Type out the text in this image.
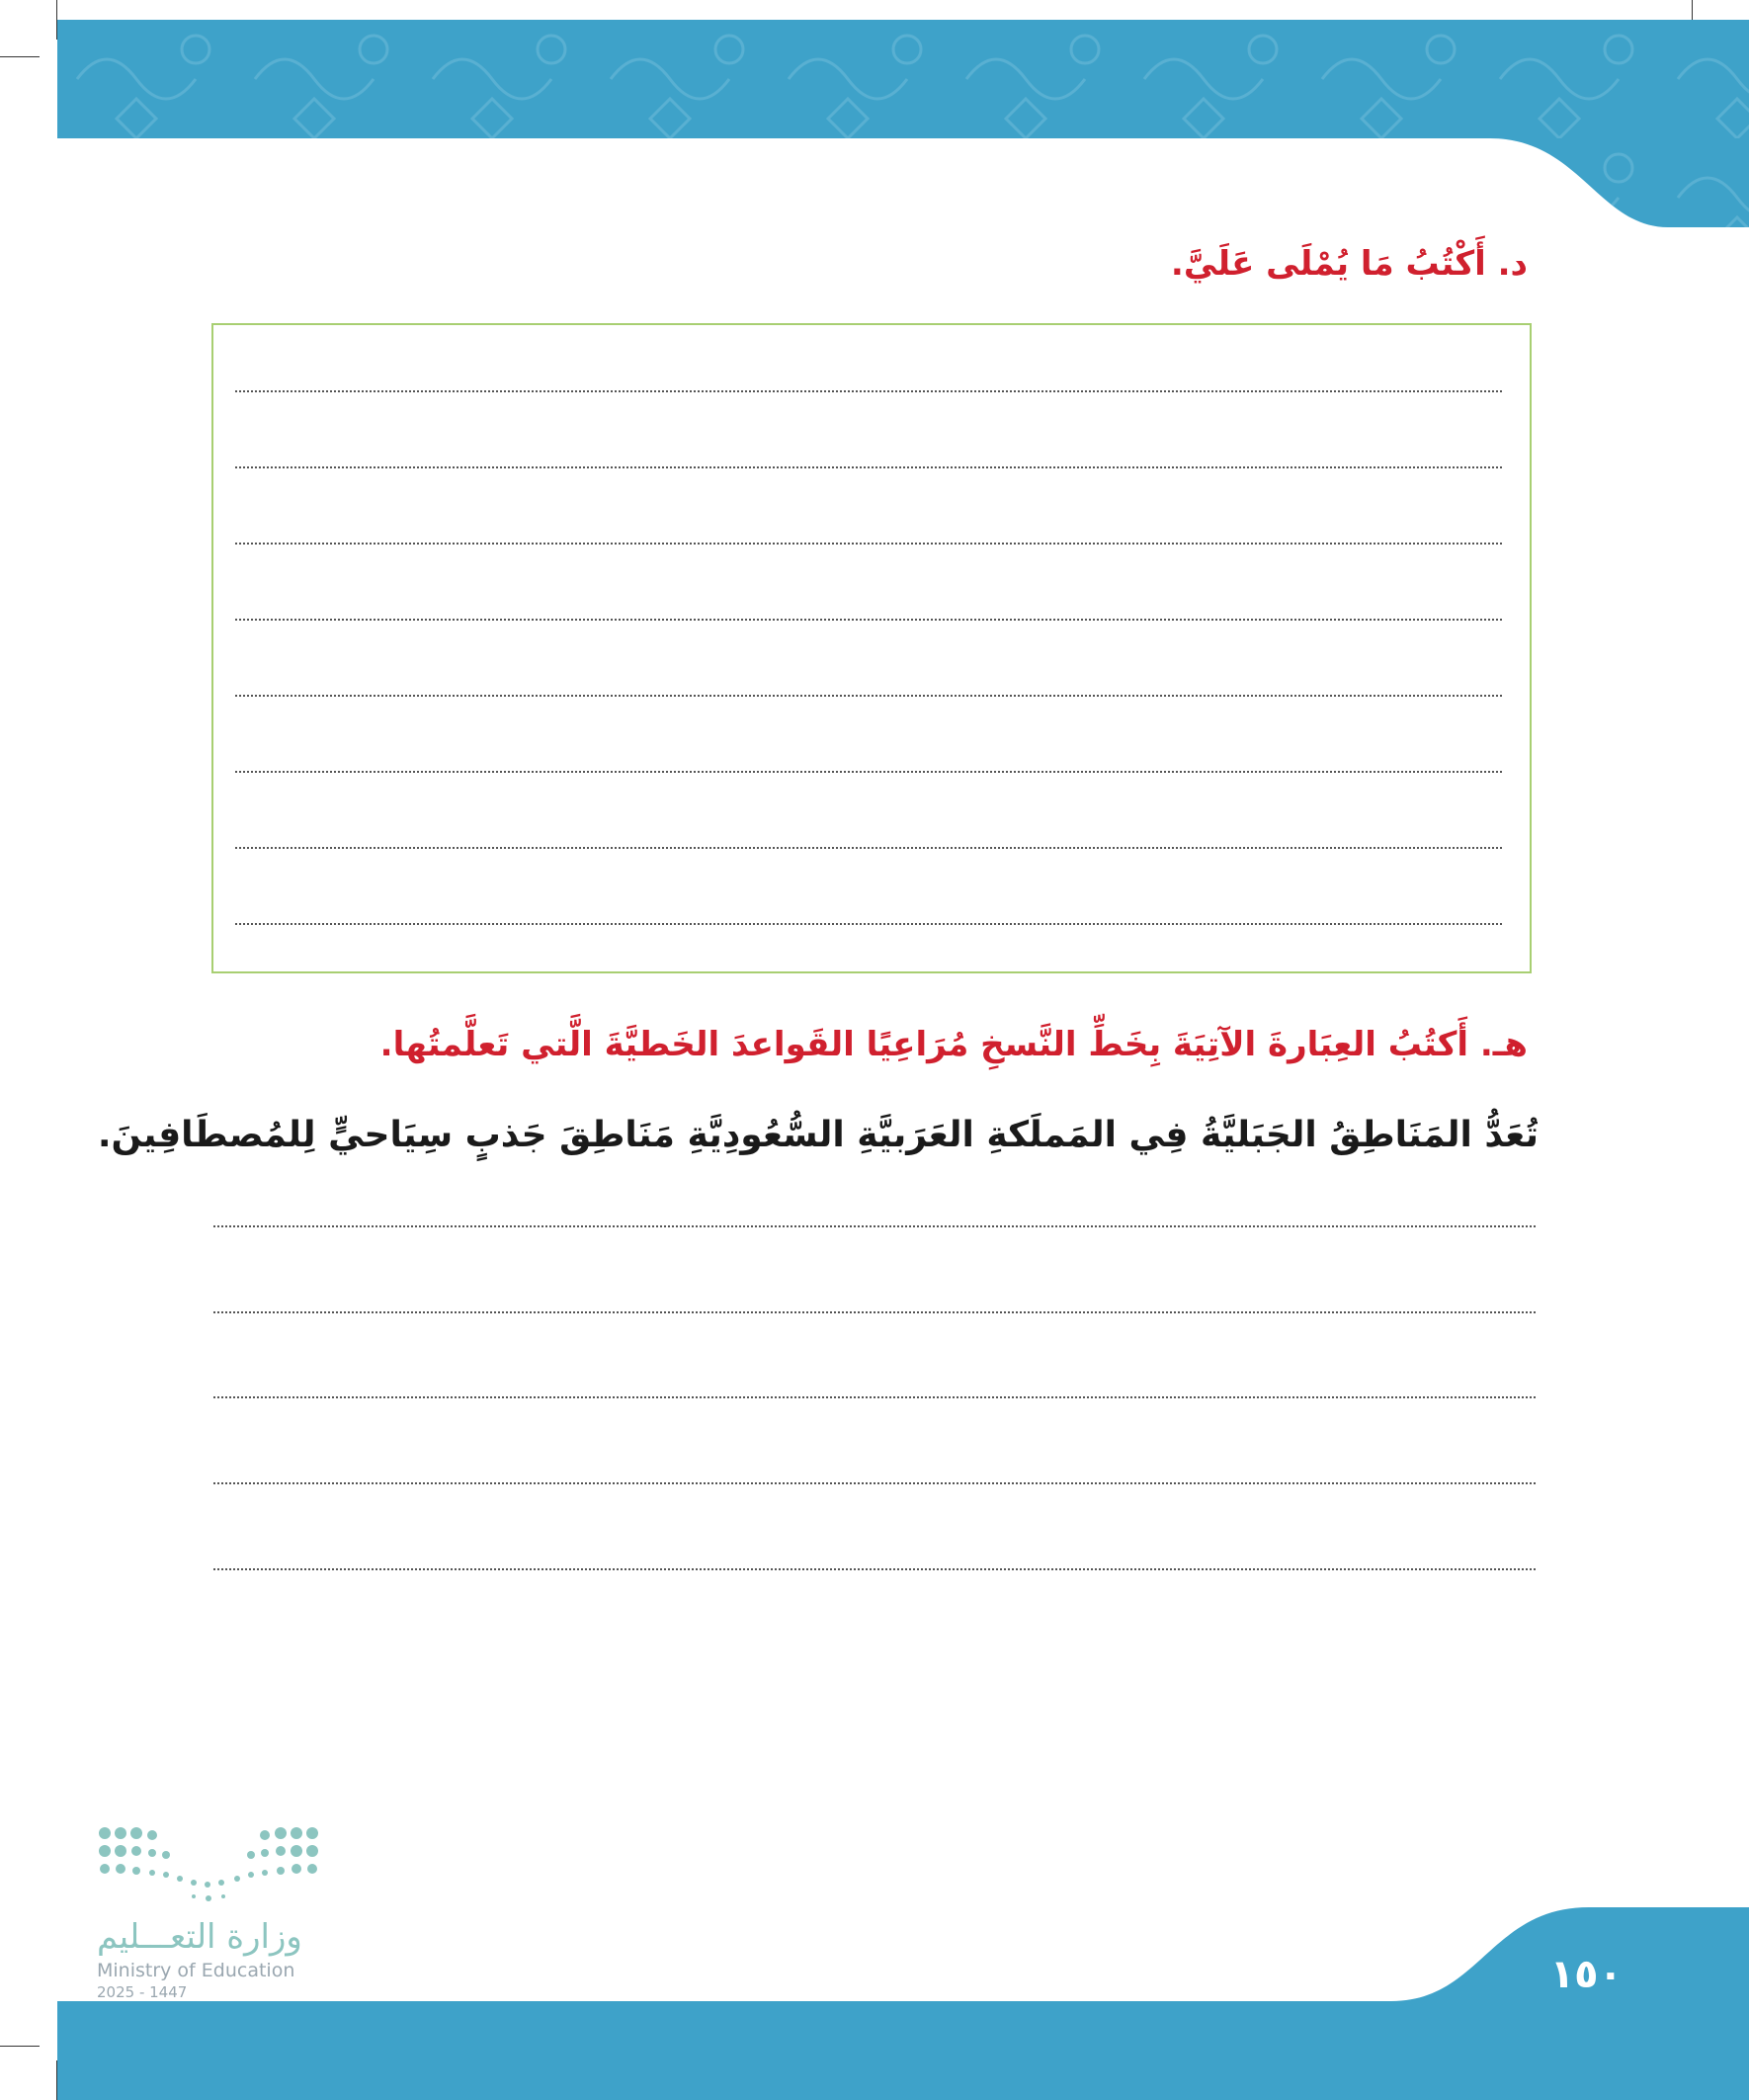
د. أَكْتُبُ مَا يُمْلَى عَلَيَّ.
هـ. أَكتُبُ العِبَارةَ الآتِيَةَ بِخَطِّ النَّسخِ مُرَاعِيًا القَواعدَ الخَطيَّةَ الَّتي تَعلَّمتُها.
تُعَدُّ المَنَاطِقُ الجَبَليَّةُ فِي المَملَكةِ العَرَبيَّةِ السُّعُودِيَّةِ مَنَاطِقَ جَذبٍ سِيَاحيٍّ لِلمُصطَافِينَ.
وزارة التعـــليم
Ministry of Education
2025 - 1447	١٥٠
